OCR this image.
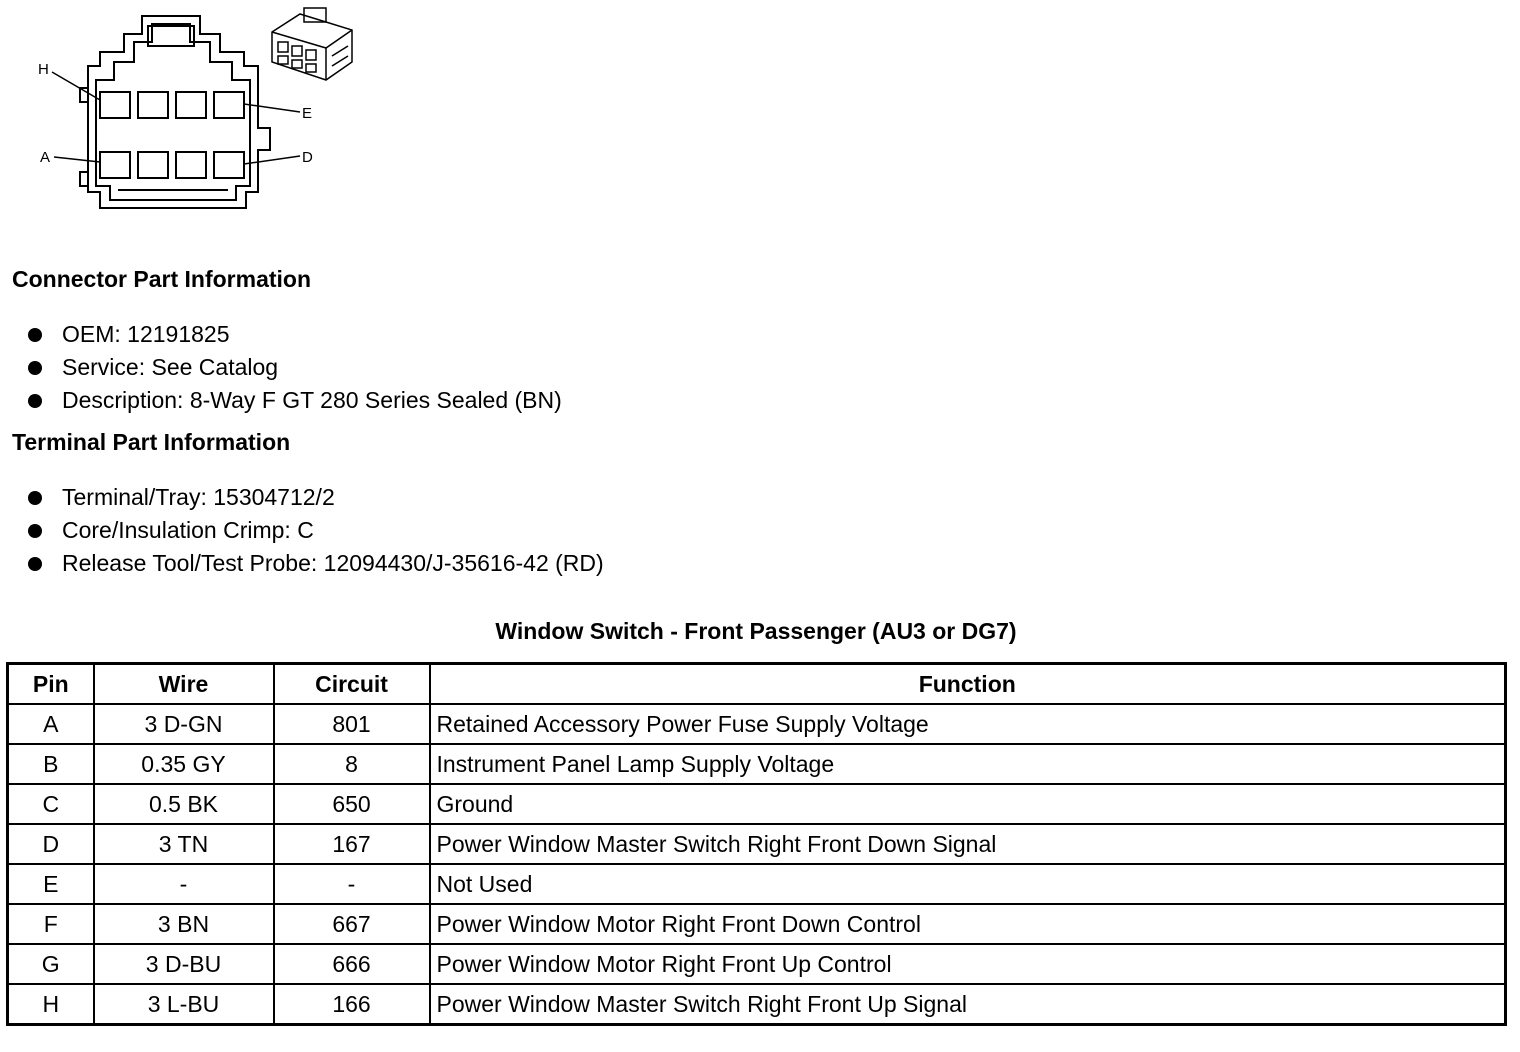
H
E
A	D
Connector Part Information
OEM: 12191825
Service: See Catalog
Description: 8-Way F GT 280 Series Sealed (BN)
Terminal Part Information
Terminal/Tray: 15304712/2
Core/Insulation Crimp: C
Release Tool/Test Probe: 12094430/J-35616-42 (RD)
Window Switch - Front Passenger (AU3 or DG7)
Pin	Wire	Circuit	Function
A	3 D-GN	801	Retained Accessory Power Fuse Supply Voltage
B	0.35 GY	8	Instrument Panel Lamp Supply Voltage
C	0.5 BK	650	Ground
D	3 TN	167	Power Window Master Switch Right Front Down Signal
E	-	-	Not Used
F	3 BN	667	Power Window Motor Right Front Down Control
G	3 D-BU	666	Power Window Motor Right Front Up Control
H	3 L-BU	166	Power Window Master Switch Right Front Up Signal
